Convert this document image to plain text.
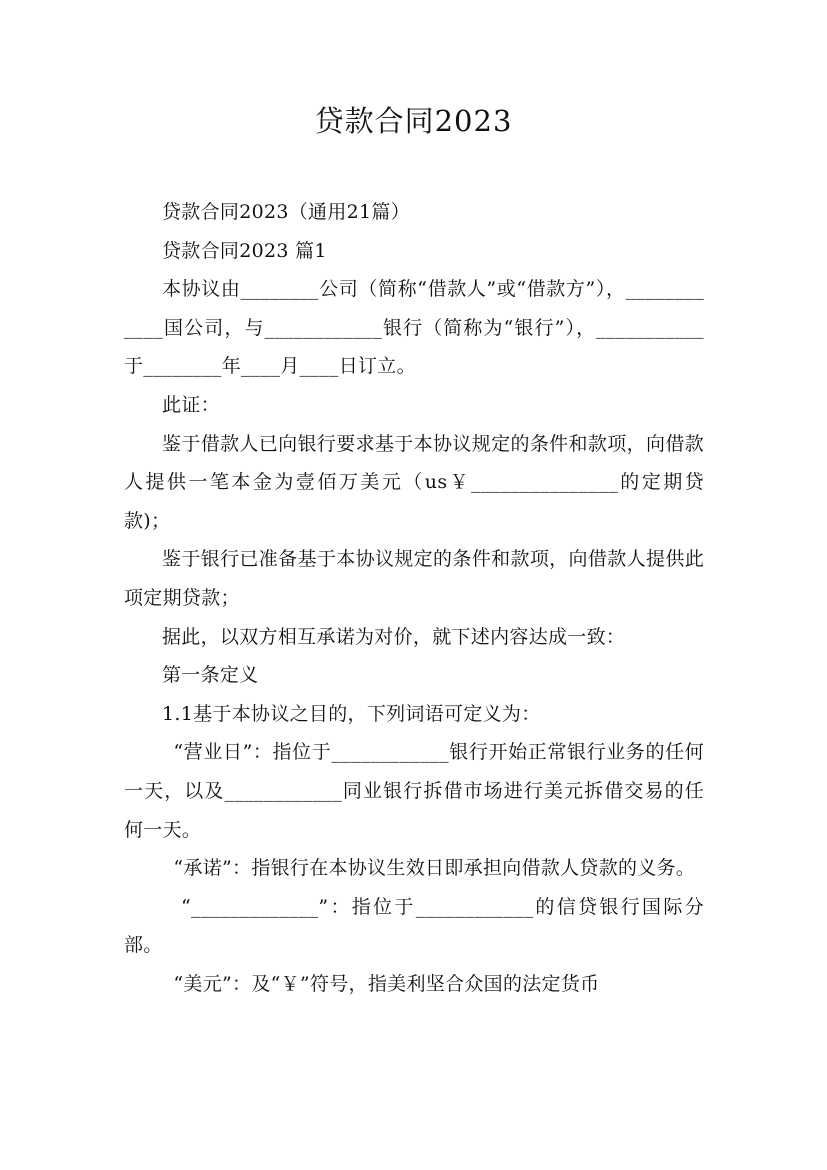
贷款合同2023

贷款合同2023（通用21篇）

贷款合同2023 篇1

本协议由________公司（简称“借款人”或“借款方”），____________国公司，与____________银行（简称为“银行”），___________于________年____月____日订立。

此证：

鉴于借款人已向银行要求基于本协议规定的条件和款项，向借款人提供一笔本金为壹佰万美元（us￥_______________的定期贷款)；

鉴于银行已准备基于本协议规定的条件和款项，向借款人提供此项定期贷款；

据此，以双方相互承诺为对价，就下述内容达成一致：

第一条定义

1.1基于本协议之目的，下列词语可定义为：

“营业日”：指位于____________银行开始正常银行业务的任何一天，以及____________同业银行拆借市场进行美元拆借交易的任何一天。

“承诺”：指银行在本协议生效日即承担向借款人贷款的义务。

“_____________”：指位于____________的信贷银行国际分部。

“美元”：及“￥”符号，指美利坚合众国的法定货币
